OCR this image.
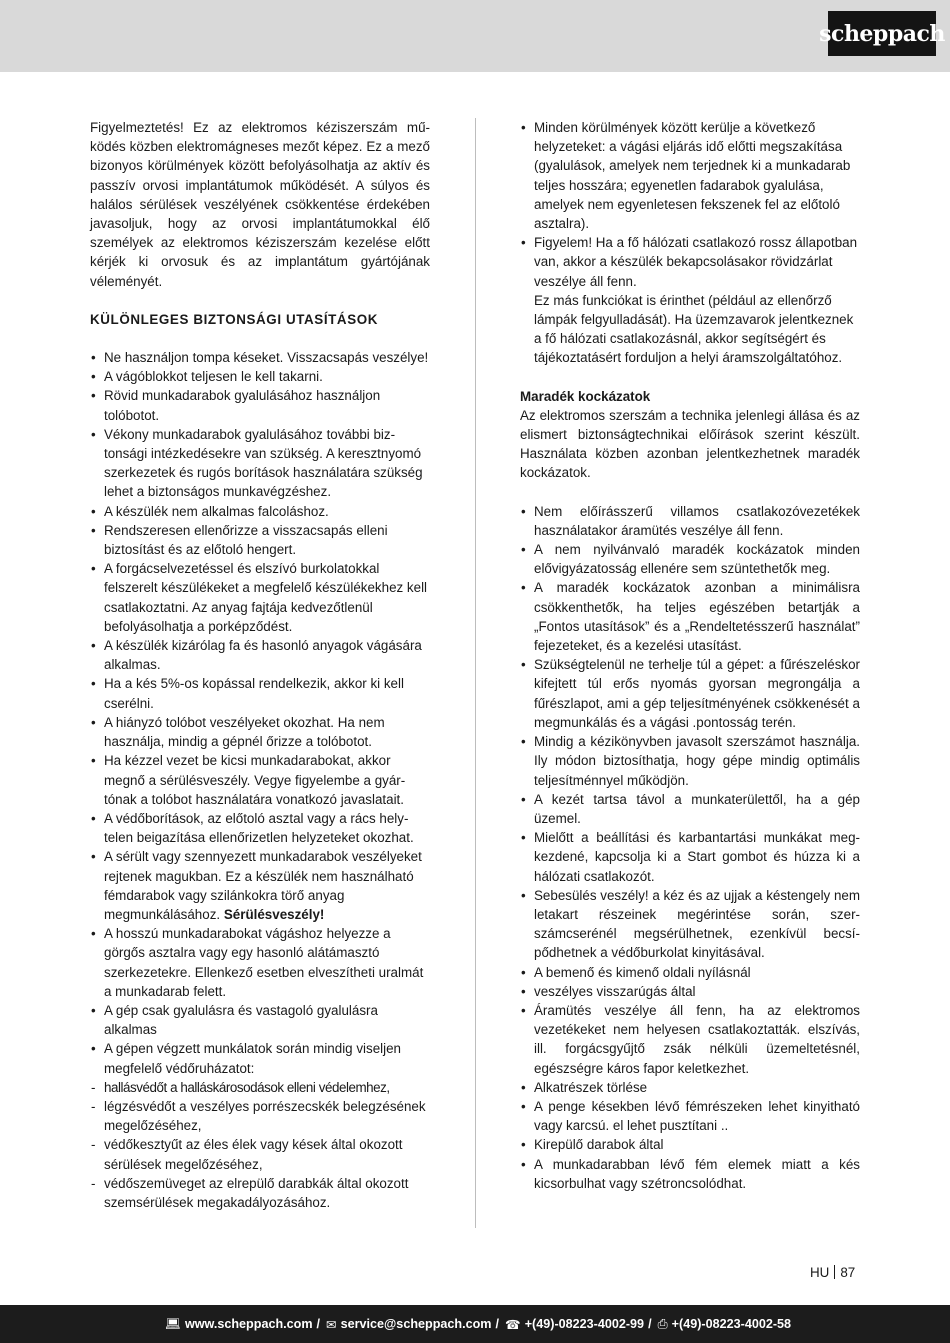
scheppach

Figyelmeztetés! Ez az elektromos kéziszerszám működés közben elektromágneses mezőt képez. Ez a mező bizonyos körülmények között befolyásolhatja az aktív és passzív orvosi implantátumok működését. A súlyos és halálos sérülések veszélyének csökkentése érdekében javasoljuk, hogy az orvosi implantátumokkal élő személyek az elektromos kéziszerszám kezelése előtt kérjék ki orvosuk és az implantátum gyártójának véleményét.

KÜLÖNLEGES BIZTONSÁGI UTASÍTÁSOK

• Ne használjon tompa késeket. Visszacsapás veszélye!
• A vágóblokkot teljesen le kell takarni.
• Rövid munkadarabok gyalulásához használjon tolóbotot.
• Vékony munkadarabok gyalulásához további biztonsági intézkedésekre van szükség. A keresztnyomó szerkezetek és rugós borítások használatára szükség lehet a biztonságos munkavégzéshez.
• A készülék nem alkalmas falcoláshoz.
• Rendszeresen ellenőrizze a visszacsapás elleni biztosítást és az előtoló hengert.
• A forgácselvezetéssel és elszívó burkolatokkal felszerelt készülékeket a megfelelő készülékekhez kell csatlakoztatni. Az anyag fajtája kedvezőtlenül befolyásolhatja a porképződést.
• A készülék kizárólag fa és hasonló anyagok vágására alkalmas.
• Ha a kés 5%-os kopással rendelkezik, akkor ki kell cserélni.
• A hiányzó tolóbot veszélyeket okozhat. Ha nem használja, mindig a gépnél őrizze a tolóbotot.
• Ha kézzel vezet be kicsi munkadarabokat, akkor megnő a sérülésveszély. Vegye figyelembe a gyártónak a tolóbot használatára vonatkozó javaslatait.
• A védőborítások, az előtoló asztal vagy a rács helytelen beigazítása ellenőrizetlen helyzeteket okozhat.
• A sérült vagy szennyezett munkadarabok veszélyeket rejtenek magukban. Ez a készülék nem használható fémdarabok vagy szilánkokra törő anyag megmunkálásához. Sérülésveszély!
• A hosszú munkadarabokat vágáshoz helyezze a görgős asztalra vagy egy hasonló alátámasztó szerkezetekre. Ellenkező esetben elveszítheti uralmát a munkadarab felett.
• A gép csak gyalulásra és vastagoló gyalulásra alkalmas
• A gépen végzett munkálatok során mindig viseljen megfelelő védőruházatot:
- hallásvédőt a halláskárosodások elleni védelemhez,
- légzésvédőt a veszélyes porrészecskék belegzésének megelőzéséhez,
- védőkesztyűt az éles élek vagy kések által okozott sérülések megelőzéséhez,
- védőszemüveget az elrepülő darabkák által okozott szemsérülések megakadályozásához.
• Minden körülmények között kerülje a következő helyzeteket: a vágási eljárás idő előtti megszakítása (gyalulások, amelyek nem terjednek ki a munkadarab teljes hosszára; egyenetlen fadarabok gyalulása, amelyek nem egyenletesen fekszenek fel az előtoló asztalra).
• Figyelem! Ha a fő hálózati csatlakozó rossz állapotban van, akkor a készülék bekapcsolásakor rövidzárlat veszélye áll fenn.

Ez más funkciókat is érinthet (például az ellenőrző lámpák felgyulladását). Ha üzemzavarok jelentkeznek a fő hálózati csatlakozásnál, akkor segítségért és tájékoztatásért forduljon a helyi áramszolgáltatóhoz.

Maradék kockázatok

Az elektromos szerszám a technika jelenlegi állása és az elismert biztonságtechnikai előírások szerint készült. Használata közben azonban jelentkezhetnek maradék kockázatok.

• Nem előírásszerű villamos csatlakozóvezetékek használatakor áramütés veszélye áll fenn.
• A nem nyilvánvaló maradék kockázatok minden elővigyázatosság ellenére sem szüntethetők meg.
• A maradék kockázatok azonban a minimálisra csökkenthetők, ha teljes egészében betartják a „Fontos utasítások” és a „Rendeltetésszerű használat” fejezeteket, és a kezelési utasítást.
• Szükségtelenül ne terhelje túl a gépet: a fűrészeléskor kifejtett túl erős nyomás gyorsan megrongálja a fűrészlapot, ami a gép teljesítményének csökkenését a megmunkálás és a vágási .pontosság terén.
• Mindig a kézikönyvben javasolt szerszámot használja. Ily módon biztosíthatja, hogy gépe mindig optimális teljesítménnyel működjön.
• A kezét tartsa távol a munkaterülettől, ha a gép üzemel.
• Mielőtt a beállítási és karbantartási munkákat megkezdené, kapcsolja ki a Start gombot és húzza ki a hálózati csatlakozót.
• Sebesülés veszély! a kéz és az ujjak a késtengely nem letakart részeinek megérintése során, szerszámcserénél megsérülhetnek, ezenkívül becsípődhetnek a védőburkolat kinyitásával.
• A bemenő és kimenő oldali nyílásnál
• veszélyes visszarúgás által
• Áramütés veszélye áll fenn, ha az elektromos vezetékeket nem helyesen csatlakoztatták. elszívás, ill. forgácsgyűjtő zsák nélküli üzemeltetésnél, egészségre káros fapor keletkezhet.
• Alkatrészek törlése
• A penge késekben lévő fémrészeken lehet kinyitható vagy karcsú. el lehet pusztítani ..
• Kirepülő darabok által
• A munkadarabban lévő fém elemek miatt a kés kicsorbulhat vagy szétroncsolódhat.
HU 87
💻︎ www.scheppach.com / ✉︎ service@scheppach.com / ☎︎ +(49)-08223-4002-99 / ⎙︎ +(49)-08223-4002-58
